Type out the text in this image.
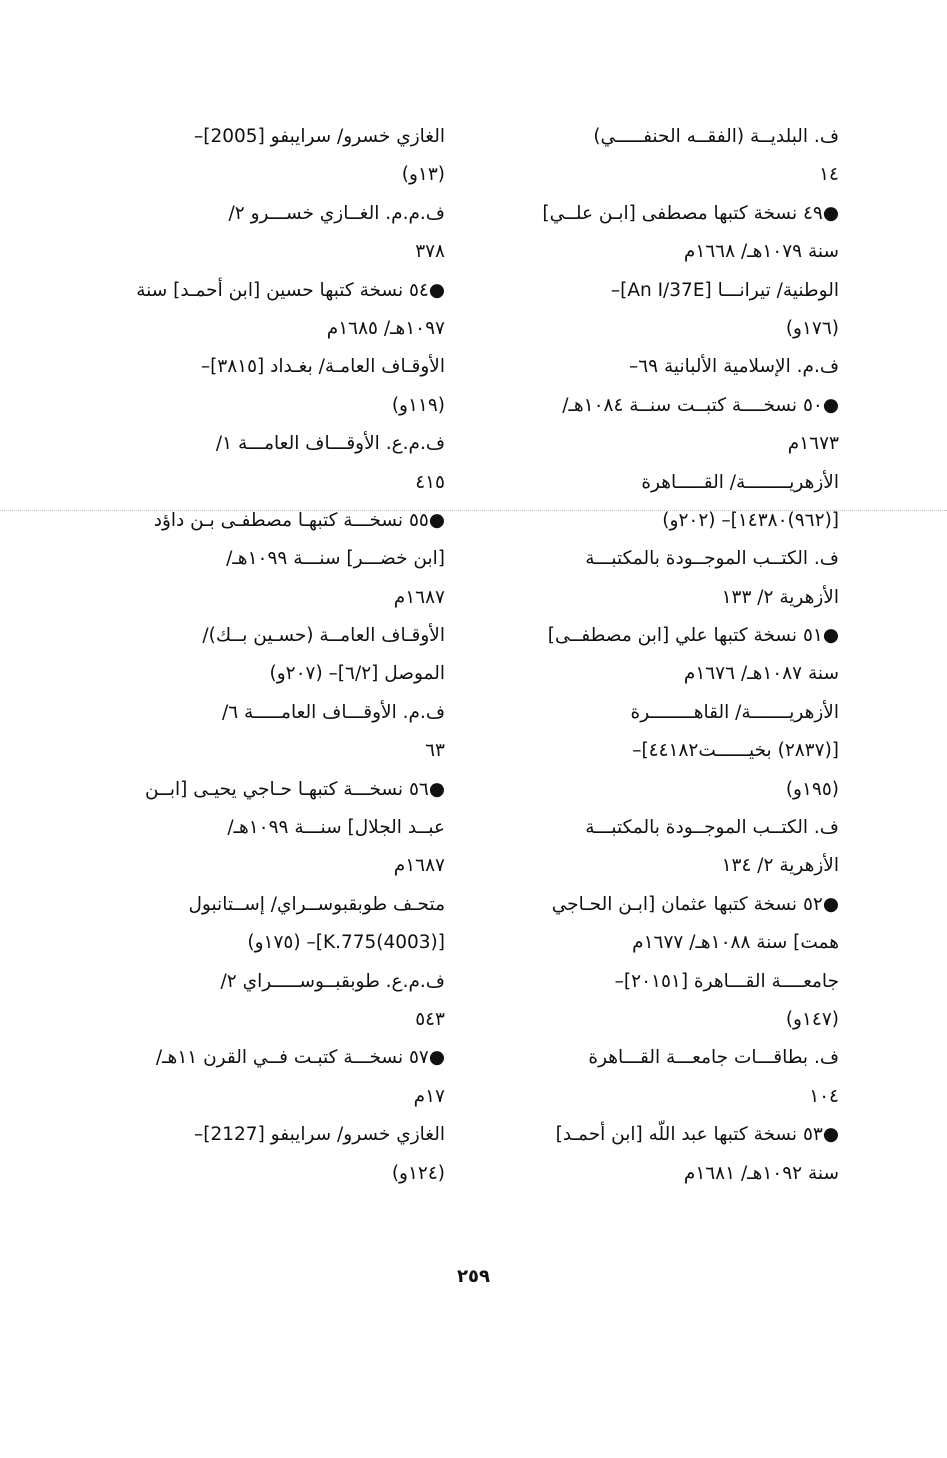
ف. البلديــة (الفقــه الحنفـــــي)
١٤
●٤٩ نسخة كتبها مصطفى [ابـن علــي]
سنة ١٠٧٩هـ/ ١٦٦٨م
الوطنية/ تيرانـــا [An I/37E]–
(١٧٦و)
ف.م. الإسلامية الألبانية ٦٩–
●٥٠ نسخــــة كتبــت سنــة ١٠٨٤هـ/
١٦٧٣م
الأزهريــــــــة/ القـــــاهرة
[(٩٦٢)١٤٣٨٠]– (٢٠٢و)
ف. الكتــب الموجــودة بالمكتبـــة
الأزهرية ٢/ ١٣٣
●٥١ نسخة كتبها علي [ابن مصطفــى]
سنة ١٠٨٧هـ/ ١٦٧٦م
الأزهريـــــــة/ القاهــــــــرة
[(٢٨٣٧) بخيــــــت٤٤١٨٢]–
(١٩٥و)
ف. الكتــب الموجــودة بالمكتبـــة
الأزهرية ٢/ ١٣٤
●٥٢ نسخة كتبها عثمان [ابـن الحـاجي
همت] سنة ١٠٨٨هـ/ ١٦٧٧م
جامعــــة القـــاهرة [٢٠١٥١]–
(١٤٧و)
ف. بطاقـــات جامعـــة القـــاهرة
١٠٤
●٥٣ نسخة كتبها عبد اللّه [ابن أحمـد]
سنة ١٠٩٢هـ/ ١٦٨١م
الغازي خسرو/ سرايبفو [2005]–
(١٣و)
ف.م.م. الغــازي خســـرو ٢/
٣٧٨
●٥٤ نسخة كتبها حسين [ابن أحمـد] سنة
١٠٩٧هـ/ ١٦٨٥م
الأوقـاف العامـة/ بغـداد [٣٨١٥]–
(١١٩و)
ف.م.ع. الأوقـــاف العامـــة ١/
٤١٥
●٥٥ نسخـــة كتبهـا مصطفـى بـن داؤد
[ابن خضـــر] سنـــة ١٠٩٩هـ/
١٦٨٧م
الأوقـاف العامــة (حسـين بــك)/
الموصل [٦/٢]– (٢٠٧و)
ف.م. الأوقـــاف العامـــــة ٦/
٦٣
●٥٦ نسخـــة كتبهـا حـاجي يحيـى [ابــن
عبــد الجلال] سنـــة ١٠٩٩هـ/
١٦٨٧م
متحـف طوبقبوســراي/ إســتانبول
[K.775(4003)]– (١٧٥و)
ف.م.ع. طوبقبــوســـــراي ٢/
٥٤٣
●٥٧ نسخـــة كتبـت فــي القرن ١١هـ/
١٧م
الغازي خسرو/ سرايبفو [2127]–
(١٢٤و)
٢٥٩
